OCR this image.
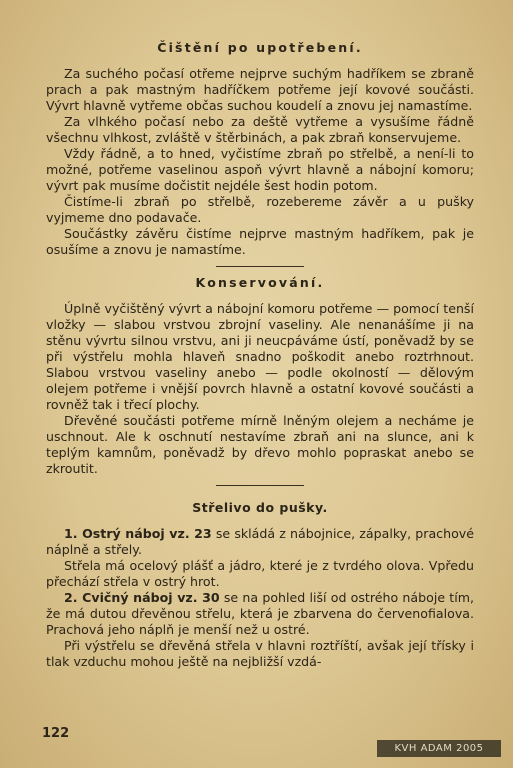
Čištění po upotřebení.

Za suchého počasí otřeme nejprve suchým hadříkem se zbraně prach a pak mastným hadříčkem potřeme její kovové součásti. Vývrt hlavně vytřeme občas suchou koudelí a znovu jej namastíme.

Za vlhkého počasí nebo za deště vytřeme a vysušíme řádně všechnu vlhkost, zvláště v štěrbinách, a pak zbraň konservujeme.

Vždy řádně, a to hned, vyčistíme zbraň po střelbě, a není-li to možné, potřeme vaselinou aspoň vývrt hlavně a nábojní komoru; vývrt pak musíme dočistit nejdéle šest hodin potom.

Čistíme-li zbraň po střelbě, rozebereme závěr a u pušky vyjmeme dno podavače.

Součástky závěru čistíme nejprve mastným hadříkem, pak je osušíme a znovu je namastíme.

Konservování.

Úplně vyčištěný vývrt a nábojní komoru potřeme — pomocí tenší vložky — slabou vrstvou zbrojní vaseliny. Ale nenanášíme ji na stěnu vývrtu silnou vrstvu, ani ji neucpáváme ústí, poněvadž by se při výstřelu mohla hlaveň snadno poškodit anebo roztrhnout. Slabou vrstvou vaseliny anebo — podle okolností — dělovým olejem potřeme i vnější povrch hlavně a ostatní kovové součásti a rovněž tak i třecí plochy.

Dřevěné součásti potřeme mírně lněným olejem a necháme je uschnout. Ale k oschnutí nestavíme zbraň ani na slunce, ani k teplým kamnům, poněvadž by dřevo mohlo popraskat anebo se zkroutit.

Střelivo do pušky.

1. Ostrý náboj vz. 23 se skládá z nábojnice, zápalky, prachové náplně a střely.

Střela má ocelový plášť a jádro, které je z tvrdého olova. Vpředu přechází střela v ostrý hrot.

2. Cvičný náboj vz. 30 se na pohled liší od ostrého náboje tím, že má dutou dřevěnou střelu, která je zbarvena do červenofialova. Prachová jeho náplň je menší než u ostré.

Při výstřelu se dřevěná střela v hlavni roztříští, avšak její třísky i tlak vzduchu mohou ještě na nejbližší vzdá-

122
KVH ADAM 2005
